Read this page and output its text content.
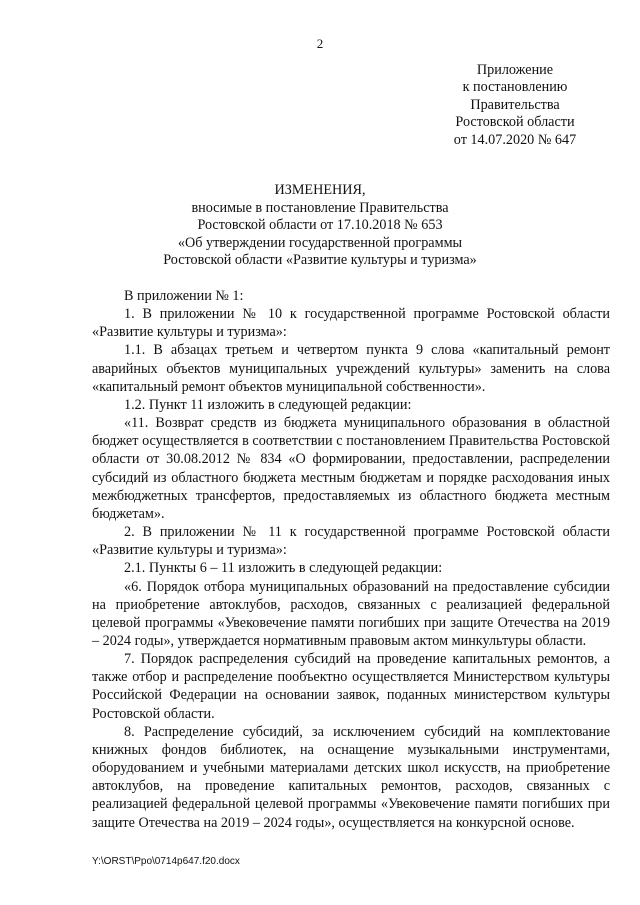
2
Приложение
к постановлению
Правительства
Ростовской области
от 14.07.2020 № 647
ИЗМЕНЕНИЯ,
вносимые в постановление Правительства
Ростовской области от 17.10.2018 № 653
«Об утверждении государственной программы
Ростовской области «Развитие культуры и туризма»

В приложении № 1:

1. В приложении № 10 к государственной программе Ростовской области «Развитие культуры и туризма»:

1.1. В абзацах третьем и четвертом пункта 9 слова «капитальный ремонт аварийных объектов муниципальных учреждений культуры» заменить на слова «капитальный ремонт объектов муниципальной собственности».

1.2. Пункт 11 изложить в следующей редакции:

«11. Возврат средств из бюджета муниципального образования в областной бюджет осуществляется в соответствии с постановлением Правительства Ростовской области от 30.08.2012 № 834 «О формировании, предоставлении, распределении субсидий из областного бюджета местным бюджетам и порядке расходования иных межбюджетных трансфертов, предоставляемых из областного бюджета местным бюджетам».

2. В приложении № 11 к государственной программе Ростовской области «Развитие культуры и туризма»:

2.1. Пункты 6 – 11 изложить в следующей редакции:

«6. Порядок отбора муниципальных образований на предоставление субсидии на приобретение автоклубов, расходов, связанных с реализацией федеральной целевой программы «Увековечение памяти погибших при защите Отечества на 2019 – 2024 годы», утверждается нормативным правовым актом минкультуры области.

7. Порядок распределения субсидий на проведение капитальных ремонтов, а также отбор и распределение пообъектно осуществляется Министерством культуры Российской Федерации на основании заявок, поданных министерством культуры Ростовской области.

8. Распределение субсидий, за исключением субсидий на комплектование книжных фондов библиотек, на оснащение музыкальными инструментами, оборудованием и учебными материалами детских школ искусств, на приобретение автоклубов, на проведение капитальных ремонтов, расходов, связанных с реализацией федеральной целевой программы «Увековечение памяти погибших при защите Отечества на 2019 – 2024 годы», осуществляется на конкурсной основе.

Y:\ORST\Ppo\0714p647.f20.docx
